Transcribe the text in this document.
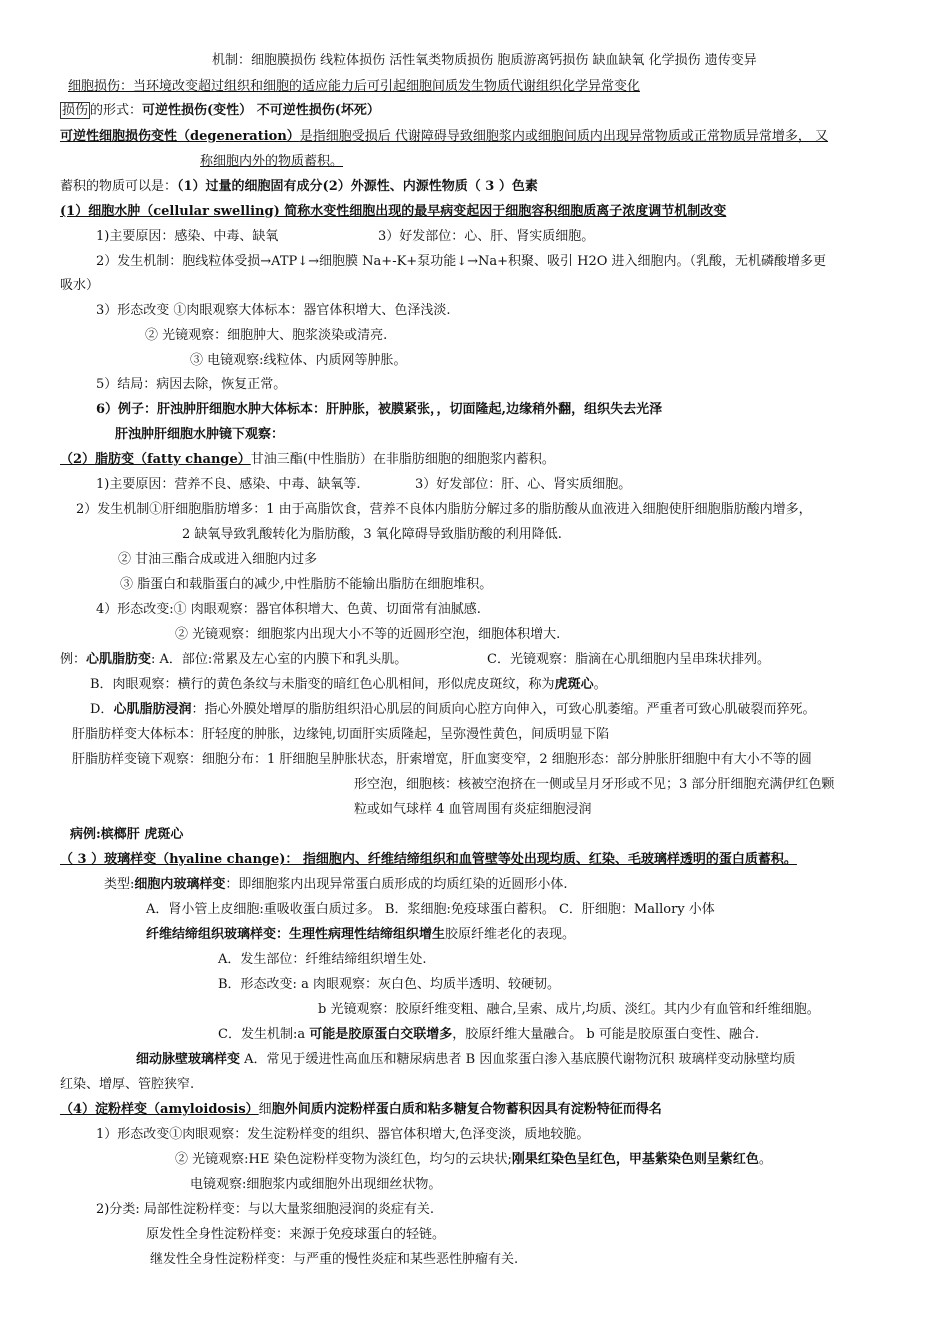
机制：细胞膜损伤 线粒体损伤 活性氧类物质损伤 胞质游离钙损伤 缺血缺氧 化学损伤 遗传变异
细胞损伤：当环境改变超过组织和细胞的适应能力后可引起细胞间质发生物质代谢组织化学异常变化
损伤 的形式：可逆性损伤(变性） 不可逆性损伤(坏死）
可逆性细胞损伤变性（degeneration）是指细胞受损后 代谢障碍导致细胞浆内或细胞间质内出现异常物质或正常物质异常增多， 又
称细胞内外的物质蓄积。
蓄积的物质可以是：（1）过量的细胞固有成分(2）外源性、内源性物质（ 3 ）色素
(1）细胞水肿（cellular swelling) 简称水变性细胞出现的最早病变起因于细胞容积细胞质离子浓度调节机制改变
1)主要原因：感染、中毒、缺氧	3）好发部位：心、肝、肾实质细胞。
2）发生机制：胞线粒体受损→ATP↓→细胞膜 Na+-K+泵功能↓→Na+积聚、吸引 H2O 进入细胞内。（乳酸，无机磷酸增多更
吸水）
3）形态改变 ①肉眼观察大体标本：器官体积增大、色泽浅淡.
② 光镜观察：细胞肿大、胞浆淡染或清亮.
③ 电镜观察:线粒体、内质网等肿胀。
5）结局：病因去除，恢复正常。
6）例子：肝浊肿肝细胞水肿大体标本：肝肿胀，被膜紧张，，切面隆起,边缘稍外翻，组织失去光泽
肝浊肿肝细胞水肿镜下观察：
（2）脂肪变（fatty change）甘油三酯(中性脂肪）在非脂肪细胞的细胞浆内蓄积。
1)主要原因：营养不良、感染、中毒、缺氧等.	3）好发部位：肝、心、肾实质细胞。
2）发生机制①肝细胞脂肪增多：1 由于高脂饮食，营养不良体内脂肪分解过多的脂肪酸从血液进入细胞使肝细胞脂肪酸内增多，
2 缺氧导致乳酸转化为脂肪酸，3 氧化障碍导致脂肪酸的利用降低.
② 甘油三酯合成或进入细胞内过多
③ 脂蛋白和载脂蛋白的减少,中性脂肪不能输出脂肪在细胞堆积。
4）形态改变:① 肉眼观察：器官体积增大、色黄、切面常有油腻感.
② 光镜观察：细胞浆内出现大小不等的近圆形空泡，细胞体积增大.
例：心肌脂肪变: A．部位:常累及左心室的内膜下和乳头肌。	C．光镜观察：脂滴在心肌细胞内呈串珠状排列。
B．肉眼观察：横行的黄色条纹与未脂变的暗红色心肌相间，形似虎皮斑纹，称为虎斑心。
D．心肌脂肪浸润：指心外膜处增厚的脂肪组织沿心肌层的间质向心腔方向伸入，可致心肌萎缩。严重者可致心肌破裂而猝死。
肝脂肪样变大体标本：肝轻度的肿胀，边缘钝,切面肝实质隆起，呈弥漫性黄色，间质明显下陷
肝脂肪样变镜下观察：细胞分布：1 肝细胞呈肿胀状态，肝索增宽，肝血窦变窄，2 细胞形态：部分肿胀肝细胞中有大小不等的圆
形空泡，细胞核：核被空泡挤在一侧或呈月牙形或不见；3 部分肝细胞充满伊红色颗
粒或如气球样 4 血管周围有炎症细胞浸润
病例:槟榔肝 虎斑心
（ 3 ）玻璃样变（hyaline change)： 指细胞内、纤维结缔组织和血管壁等处出现均质、红染、毛玻璃样透明的蛋白质蓄积。
类型:细胞内玻璃样变：即细胞浆内出现异常蛋白质形成的均质红染的近圆形小体.
A．肾小管上皮细胞:重吸收蛋白质过多。 B．浆细胞:免疫球蛋白蓄积。 C．肝细胞：Mallory 小体
纤维结缔组织玻璃样变：生理性病理性结缔组织增生胶原纤维老化的表现。
A．发生部位：纤维结缔组织增生处.
B．形态改变: a 肉眼观察：灰白色、均质半透明、较硬韧。
b 光镜观察：胶原纤维变粗、融合,呈索、成片,均质、淡红。其内少有血管和纤维细胞。
C．发生机制:a 可能是胶原蛋白交联增多，胶原纤维大量融合。 b 可能是胶原蛋白变性、融合.
细动脉壁玻璃样变 A．常见于缓进性高血压和糖尿病患者 B 因血浆蛋白渗入基底膜代谢物沉积 玻璃样变动脉壁均质
红染、增厚、管腔狭窄.
（4）淀粉样变（amyloidosis）细胞外间质内淀粉样蛋白质和粘多糖复合物蓄积因具有淀粉特征而得名
1）形态改变①肉眼观察：发生淀粉样变的组织、器官体积增大,色泽变淡，质地较脆。
② 光镜观察:HE 染色淀粉样变物为淡红色，均匀的云块状;刚果红染色呈红色，甲基紫染色则呈紫红色。
电镜观察:细胞浆内或细胞外出现细丝状物。
2)分类: 局部性淀粉样变：与以大量浆细胞浸润的炎症有关.
原发性全身性淀粉样变：来源于免疫球蛋白的轻链。
继发性全身性淀粉样变：与严重的慢性炎症和某些恶性肿瘤有关.
